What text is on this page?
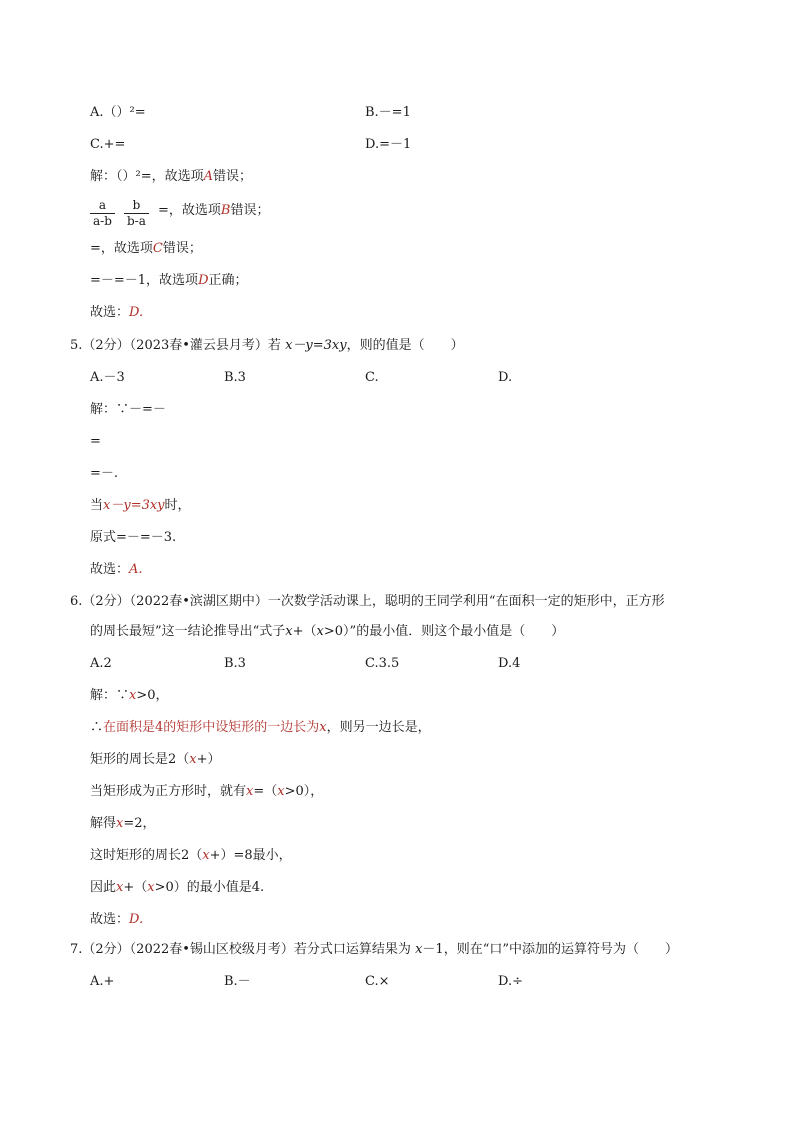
A.（）²=	B.－=1
C.+=	D.=－1
解：（）²=，故选项A错误；
$\frac{a}{a-b} \frac{b}{b-a}$ =，故选项B错误；
=，故选项C错误；
=－=－1，故选项D正确；
故选：D.
5.（2分）（2023春•灌云县月考）若 x－y=3xy，则的值是（　　）
A.－3	B.3	C.	D.
解：∵－=－
=
=－.
当x－y=3xy时，
原式=－=－3.
故选：A.
6.（2分）（2022春•滨湖区期中）一次数学活动课上，聪明的王同学利用“在面积一定的矩形中，正方形
的周长最短”这一结论推导出“式子x+（x>0）”的最小值．则这个最小值是（　　）
A.2	B.3	C.3.5	D.4
解：∵x>0，
∴在面积是4的矩形中设矩形的一边长为x，则另一边长是，
矩形的周长是2（x+）
当矩形成为正方形时，就有x=（x>0），
解得x=2，
这时矩形的周长2（x+）=8最小，
因此x+（x>0）的最小值是4.
故选：D.
7.（2分）（2022春•锡山区校级月考）若分式口运算结果为 x－1，则在“口”中添加的运算符号为（　　）
A.+	B.－	C.×	D.÷
